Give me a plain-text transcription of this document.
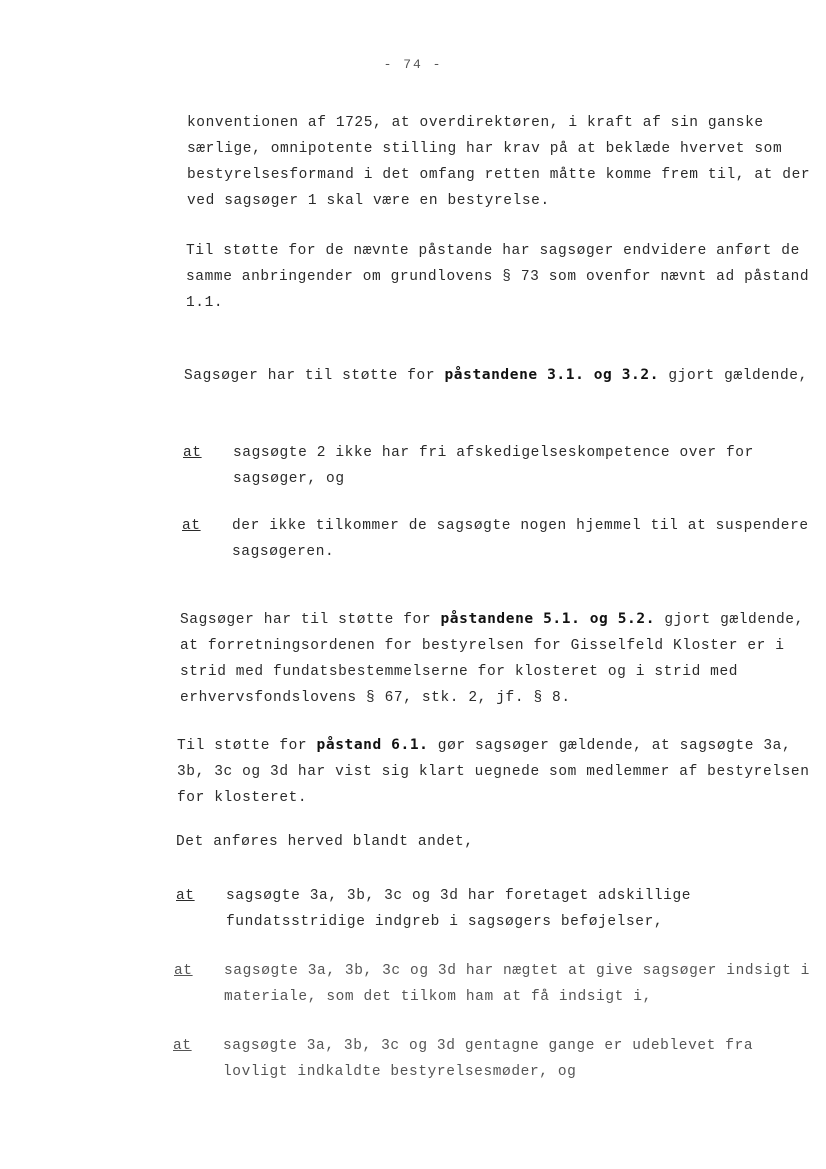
- 74 -

konventionen af 1725, at overdirektøren, i kraft af sin ganske særlige, omnipotente stilling har krav på at beklæde hvervet som bestyrelsesformand i det omfang retten måtte komme frem til, at der ved sagsøger 1 skal være en bestyrelse.

Til støtte for de nævnte påstande har sagsøger endvidere anført de samme anbringender om grundlovens § 73 som ovenfor nævnt ad påstand 1.1.

Sagsøger har til støtte for påstandene 3.1. og 3.2. gjort gældende,

at sagsøgte 2 ikke har fri afskedigelseskompetence over for sagsøger, og
at der ikke tilkommer de sagsøgte nogen hjemmel til at suspendere sagsøgeren.

Sagsøger har til støtte for påstandene 5.1. og 5.2. gjort gældende, at forretningsordenen for bestyrelsen for Gisselfeld Kloster er i strid med fundatsbestemmelserne for klosteret og i strid med erhvervsfondslovens § 67, stk. 2, jf. § 8.

Til støtte for påstand 6.1. gør sagsøger gældende, at sagsøgte 3a, 3b, 3c og 3d har vist sig klart uegnede som medlemmer af bestyrelsen for klosteret.

Det anføres herved blandt andet,

at sagsøgte 3a, 3b, 3c og 3d har foretaget adskillige fundatsstridige indgreb i sagsøgers beføjelser,
at sagsøgte 3a, 3b, 3c og 3d har nægtet at give sagsøger indsigt i materiale, som det tilkom ham at få indsigt i,
at sagsøgte 3a, 3b, 3c og 3d gentagne gange er udeblevet fra lovligt indkaldte bestyrelsesmøder, og
